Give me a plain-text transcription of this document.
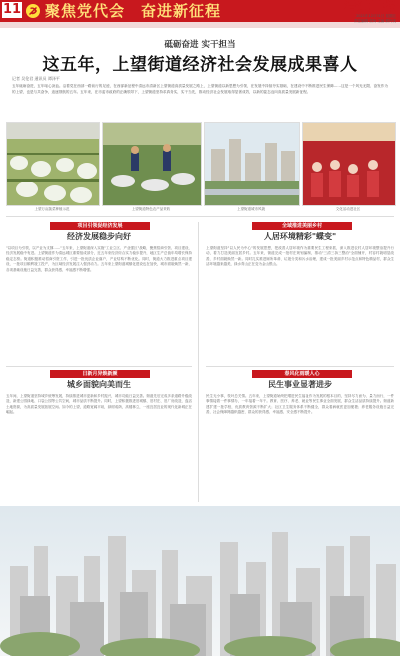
11 聚焦党代会　奋进新征程	清远日报
2021年12月31日 星期五
责任编辑 张杨 主编 熊丹美
砥砺奋进 实干担当
这五年，上望街道经济社会发展成果喜人
记者 吴伦君 通讯员 谭泽平
五年砥砺奋进，五年呕心沥血。沿着党在西部一路前行的足迹，在西部新征程中清远市清新区上望街道高质量发展之路上，上望街道以新思想为引领，在发展中持续夯实基础，在建设中不断推进民生保障……这是一个风光无限、奋发作为的上望，也是与共奋争，追逐领航的五年。五年来，在市委市政府的正确领导下，上望街道坚持求真务实，实干当先，推动经济社会发展取得显著成效，以新的姿态迈向高质量发展新征程。
上望万亩蔬菜种植示范	上望街道特色农产品采收	上望街道城市风貌	文化活动进社区
项目引领促经济发展
经济发展稳步向好
"以项目为引领，以产业为支撑……"五年来，上望街道深入实施"工业立区、产业强区"战略，聚焦招商引资、项目建设，经济发展稳中有进。上望街道作为清远城区重要组成部分，近五年来经济综合实力稳步提升，地区生产总值年均增长保持稳定态势。街道积极推动招商引资工作，引进一批优质企业落户，产业结构不断优化。同时，街道大力推进重点项目建设，一批项目顺利竣工投产，为区域经济发展注入强劲动力。五年来上望街道城镇化建设也在加快，城市面貌焕然一新，各项基础设施日益完善，群众获得感、幸福感不断增强。
日新月异焕新颜
城乡面貌向美而生
五年间，上望街道坚持城乡统筹发展，持续推进城市更新和乡村振兴，城市功能日益完善。街道先后完成多条道路升级改造，新建公园绿地、口袋公园等公共空间，城市品质不断提升。同时，上望积极推进旧城镇、旧村庄、旧厂房改造，盘活土地资源，为高质量发展拓展空间。如今的上望，道路宽阔平坦，绿树成荫，高楼林立，一座宜居宜业的现代化新城正在崛起。
全域推进美丽乡村
人居环境精彩"蝶变"
上望街道坚持"以人民为中心"的发展思想，把改善人居环境作为重要民生工程来抓，深入推进农村人居环境整治提升行动，着力打造美丽宜居乡村。五年来，街道完成一批村庄规划编制，推动"三清三拆三整治"全面铺开，村容村貌明显改善，乡村面貌焕然一新。同时扎实推进厕所革命、垃圾分类和污水治理，建成一批美丽乡村示范点和特色精品村，群众生活环境越来越美，绿水青山正在变为金山银山。
春风化雨暖人心
民生事业显著进步
民生无小事，枝叶总关情。五年来，上望街道始终把增进民生福祉作为发展的根本目的，坚持尽力而为、量力而行，一件事情接着一件事情办，一年接着一年干。教育、医疗、养老、就业等民生事业全面发展，群众生活品质持续提升。街道新建扩建一批学校，优质教育资源不断扩大；社区卫生服务体系不断健全，群众看病就医更加便捷；养老服务设施日益完善，社会保障网越织越密，群众的获得感、幸福感、安全感不断提升。
